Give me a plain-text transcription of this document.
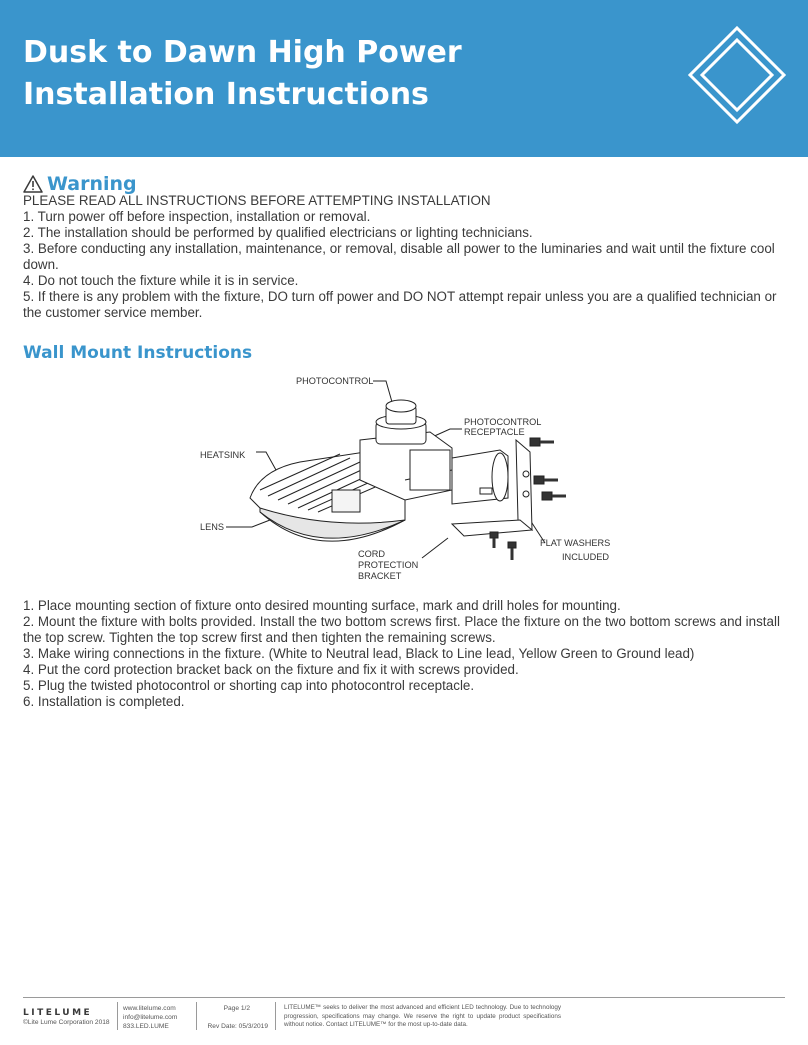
Dusk to Dawn High Power
Installation Instructions
Warning

PLEASE READ ALL INSTRUCTIONS BEFORE ATTEMPTING INSTALLATION

1. Turn power off before inspection, installation or removal.

2. The installation should be performed by qualified electricians or lighting technicians.

3. Before conducting any installation, maintenance, or removal, disable all power to the luminaries and wait until the fixture cool down.

4. Do not touch the fixture while it is in service.

5. If there is any problem with the fixture, DO turn off power and DO NOT attempt repair unless you are a qualified technician or the customer service member.

Wall Mount Instructions
PHOTOCONTROL
PHOTOCONTROL
RECEPTACLE
HEATSINK
LENS
CORD
PROTECTION
BRACKET
FLAT WASHERS
INCLUDED

1. Place mounting section of fixture onto desired mounting surface, mark and drill holes for mounting.

2. Mount the fixture with bolts provided. Install the two bottom screws first. Place the fixture on the two bottom screws and install the top screw. Tighten the top screw first and then tighten the remaining screws.

3. Make wiring connections in the fixture. (White to Neutral lead, Black to Line lead, Yellow Green to Ground lead)

4. Put the cord protection bracket back on the fixture and fix it with screws provided.

5. Plug the twisted photocontrol or shorting cap into photocontrol receptacle.

6. Installation is completed.

LITELUME
©Lite Lume Corporation 2018
www.litelume.com
info@litelume.com
833.LED.LUME
Page 1/2
Rev Date: 05/3/2019
LITELUME™ seeks to deliver the most advanced and efficient LED technology. Due to technology progression, specifications may change. We reserve the right to update product specifications without notice. Contact LITELUME™ for the most up-to-date data.
